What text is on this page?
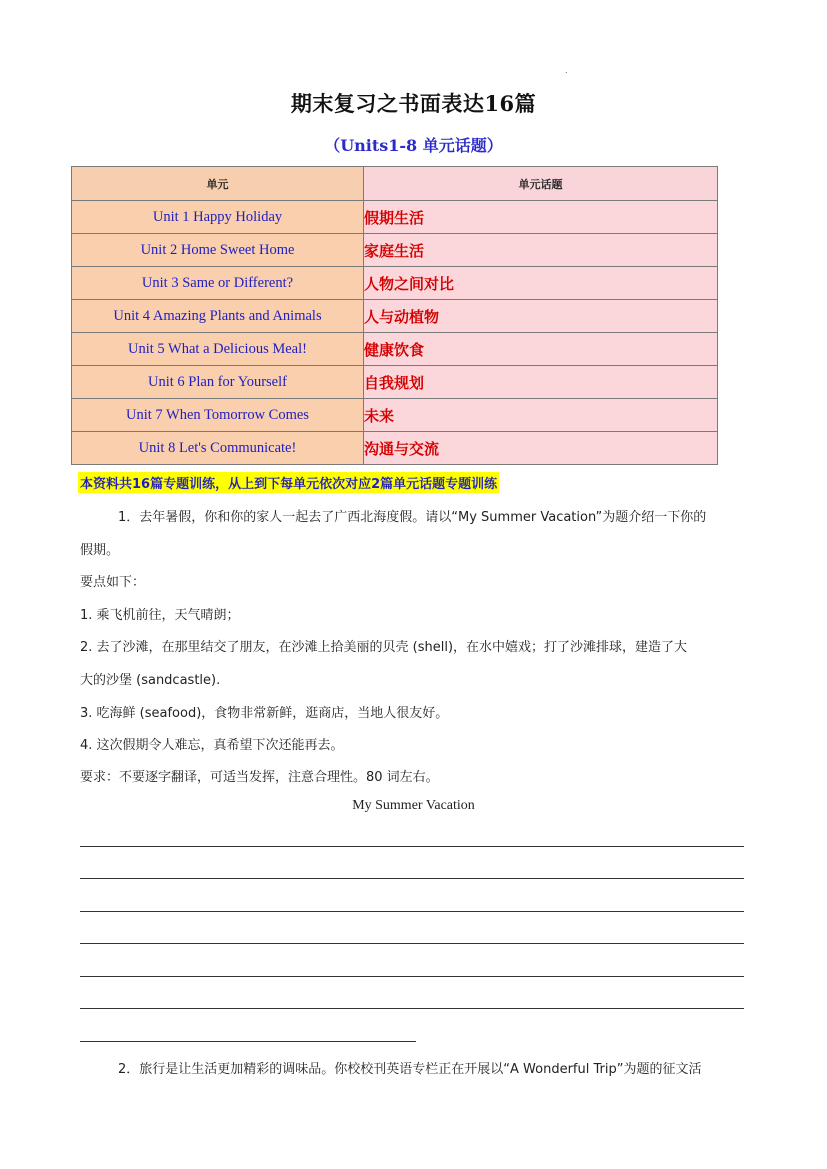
.
期末复习之书面表达16篇
（Units1-8 单元话题）
单元	单元话题
Unit 1 Happy Holiday	假期生活
Unit 2 Home Sweet Home	家庭生活
Unit 3 Same or Different?	人物之间对比
Unit 4 Amazing Plants and Animals	人与动植物
Unit 5 What a Delicious Meal!	健康饮食
Unit 6 Plan for Yourself	自我规划
Unit 7 When Tomorrow Comes	未来
Unit 8 Let's Communicate!	沟通与交流
本资料共16篇专题训练，从上到下每单元依次对应2篇单元话题专题训练
1．去年暑假，你和你的家人一起去了广西北海度假。请以“My Summer Vacation”为题介绍一下你的
假期。
要点如下：
1. 乘飞机前往，天气晴朗；
2. 去了沙滩，在那里结交了朋友，在沙滩上拾美丽的贝壳 (shell)，在水中嬉戏；打了沙滩排球，建造了大
大的沙堡 (sandcastle).
3. 吃海鲜 (seafood)，食物非常新鲜，逛商店，当地人很友好。
4. 这次假期令人难忘，真希望下次还能再去。
要求：不要逐字翻译，可适当发挥，注意合理性。80 词左右。
My Summer Vacation
2．旅行是让生活更加精彩的调味品。你校校刊英语专栏正在开展以“A Wonderful Trip”为题的征文活
